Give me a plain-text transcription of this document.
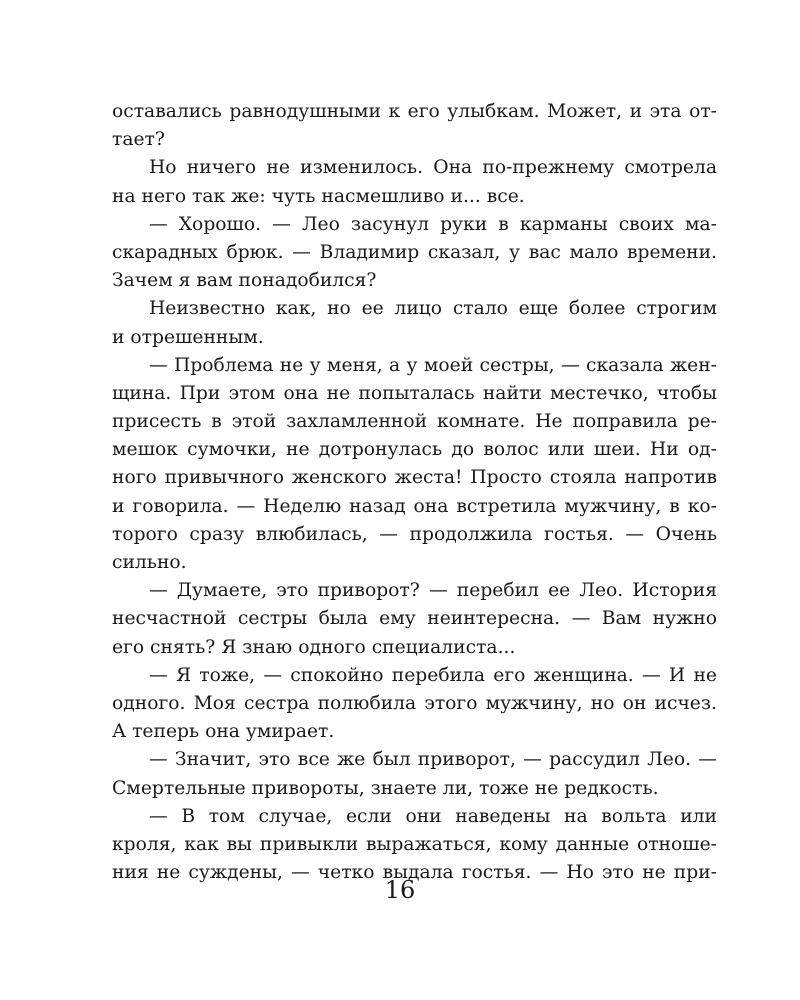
оставались равнодушными к его улыбкам. Может, и эта от-
тает?
Но ничего не изменилось. Она по-прежнему смотрела
на него так же: чуть насмешливо и... все.
— Хорошо. — Лео засунул руки в карманы своих ма-
скарадных брюк. — Владимир сказал, у вас мало времени.
Зачем я вам понадобился?
Неизвестно как, но ее лицо стало еще более строгим
и отрешенным.
— Проблема не у меня, а у моей сестры, — сказала жен-
щина. При этом она не попыталась найти местечко, чтобы
присесть в этой захламленной комнате. Не поправила ре-
мешок сумочки, не дотронулась до волос или шеи. Ни од-
ного привычного женского жеста! Просто стояла напротив
и говорила. — Неделю назад она встретила мужчину, в ко-
торого сразу влюбилась, — продолжила гостья. — Очень
сильно.
— Думаете, это приворот? — перебил ее Лео. История
несчастной сестры была ему неинтересна. — Вам нужно
его снять? Я знаю одного специалиста...
— Я тоже, — спокойно перебила его женщина. — И не
одного. Моя сестра полюбила этого мужчину, но он исчез.
А теперь она умирает.
— Значит, это все же был приворот, — рассудил Лео. —
Смертельные привороты, знаете ли, тоже не редкость.
— В том случае, если они наведены на вольта или
кроля, как вы привыкли выражаться, кому данные отноше-
ния не суждены, — четко выдала гостья. — Но это не при-
16
